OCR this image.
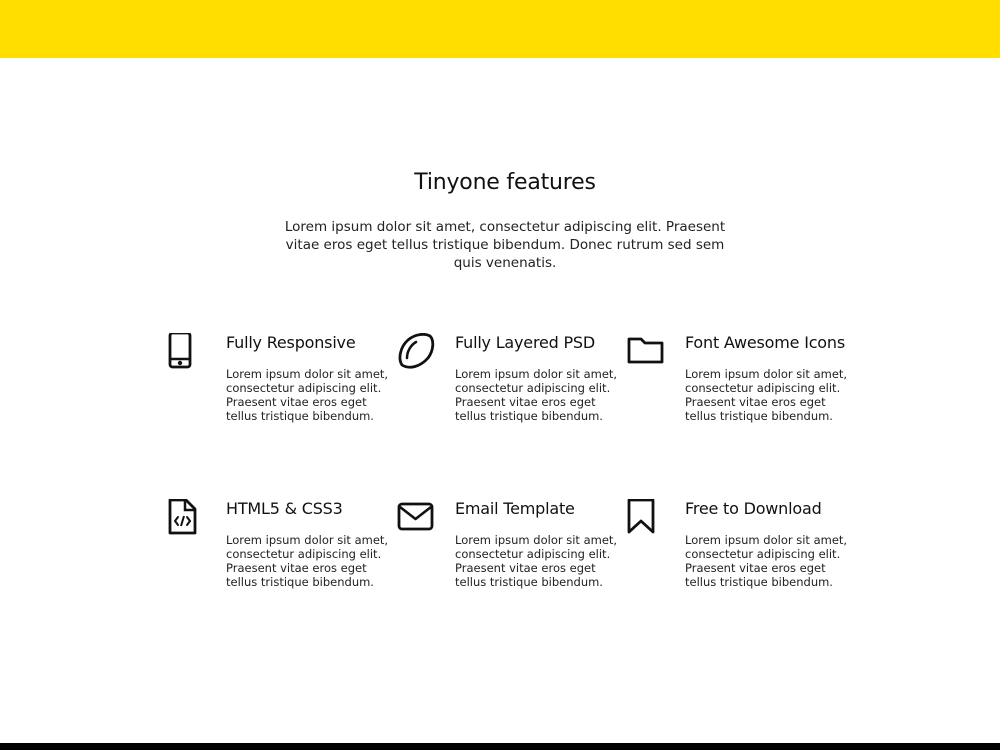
Tinyone features

Lorem ipsum dolor sit amet, consectetur adipiscing elit. Praesent vitae eros eget tellus tristique bibendum. Donec rutrum sed sem quis venenatis.

Fully Responsive

Lorem ipsum dolor sit amet, consectetur adipiscing elit. Praesent vitae eros eget tellus tristique bibendum.

Fully Layered PSD

Lorem ipsum dolor sit amet, consectetur adipiscing elit. Praesent vitae eros eget tellus tristique bibendum.

Font Awesome Icons

Lorem ipsum dolor sit amet, consectetur adipiscing elit. Praesent vitae eros eget tellus tristique bibendum.

HTML5 & CSS3

Lorem ipsum dolor sit amet, consectetur adipiscing elit. Praesent vitae eros eget tellus tristique bibendum.

Email Template

Lorem ipsum dolor sit amet, consectetur adipiscing elit. Praesent vitae eros eget tellus tristique bibendum.

Free to Download

Lorem ipsum dolor sit amet, consectetur adipiscing elit. Praesent vitae eros eget tellus tristique bibendum.
